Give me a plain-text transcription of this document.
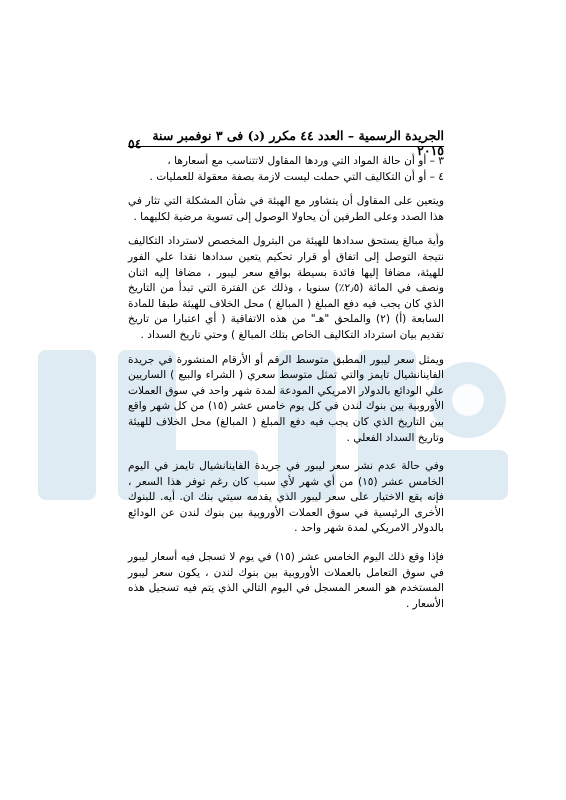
الجريدة الرسمية – العدد ٤٤ مكرر (د) فى ٣ نوفمبر سنة ٢٠١٥
٥٤

٣ – أو أن حالة المواد التي وردها المقاول لاتتناسب مع أسعارها ،

٤ – أو أن التكاليف التي حملت ليست لازمة بصفة معقولة للعمليات .

ويتعين على المقاول أن يتشاور مع الهيئة في شأن المشكلة التي تثار في هذا الصدد وعلى الطرفين أن يحاولا الوصول إلى تسوية مرضية لكليهما .

وأية مبالغ يستحق سدادها للهيئة من البترول المخصص لاسترداد التكاليف نتيجة التوصل إلى اتفاق أو قرار تحكيم يتعين سدادها نقدا علي الفور للهيئة، مضافا إليها فائدة بسيطة بواقع سعر ليبور ، مضافا إليه اثنان ونصف في المائة (٢٫٥٪) سنويا ، وذلك عن الفترة التي تبدأ من التاريخ الذي كان يجب فيه دفع المبلغ ( المبالغ ) محل الخلاف للهيئة طبقا للمادة السابعة (أ) (٢) والملحق "هـ" من هذه الاتفاقية ( أي اعتبارا من تاريخ تقديم بيان استرداد التكاليف الخاص بتلك المبالغ ) وحتي تاريخ السداد .

ويمثل سعر ليبور المطبق متوسط الرقم أو الأرقام المنشورة في جريدة الفاينانشيال تايمز والتي تمثل متوسط سعري ( الشراء والبيع ) الساريين علي الودائع بالدولار الامريكي المودعة لمدة شهر واحد في سوق العملات الأوروبية بين بنوك لندن في كل يوم خامس عشر (١٥) من كل شهر واقع بين التاريخ الذي كان يجب فيه دفع المبلغ ( المبالغ) محل الخلاف للهيئة وتاريخ السداد الفعلي .

وفي حالة عدم نشر سعر ليبور في جريدة الفاينانشيال تايمز في اليوم الخامس عشر (١٥) من أي شهر لأي سبب كان رغم توفر هذا السعر ، فإنه يقع الاختيار على سعر ليبور الذي يقدمه سيتي بنك ان. أيه. للبنوك الأخرى الرئيسية في سوق العملات الأوروبية بين بنوك لندن عن الودائع بالدولار الامريكي لمدة شهر واحد .

فإذا وقع ذلك اليوم الخامس عشر (١٥) في يوم لا تسجل فيه أسعار ليبور في سوق التعامل بالعملات الأوروبية بين بنوك لندن ، يكون سعر ليبور المستخدم هو السعر المسجل في اليوم التالي الذي يتم فيه تسجيل هذه الأسعار .
